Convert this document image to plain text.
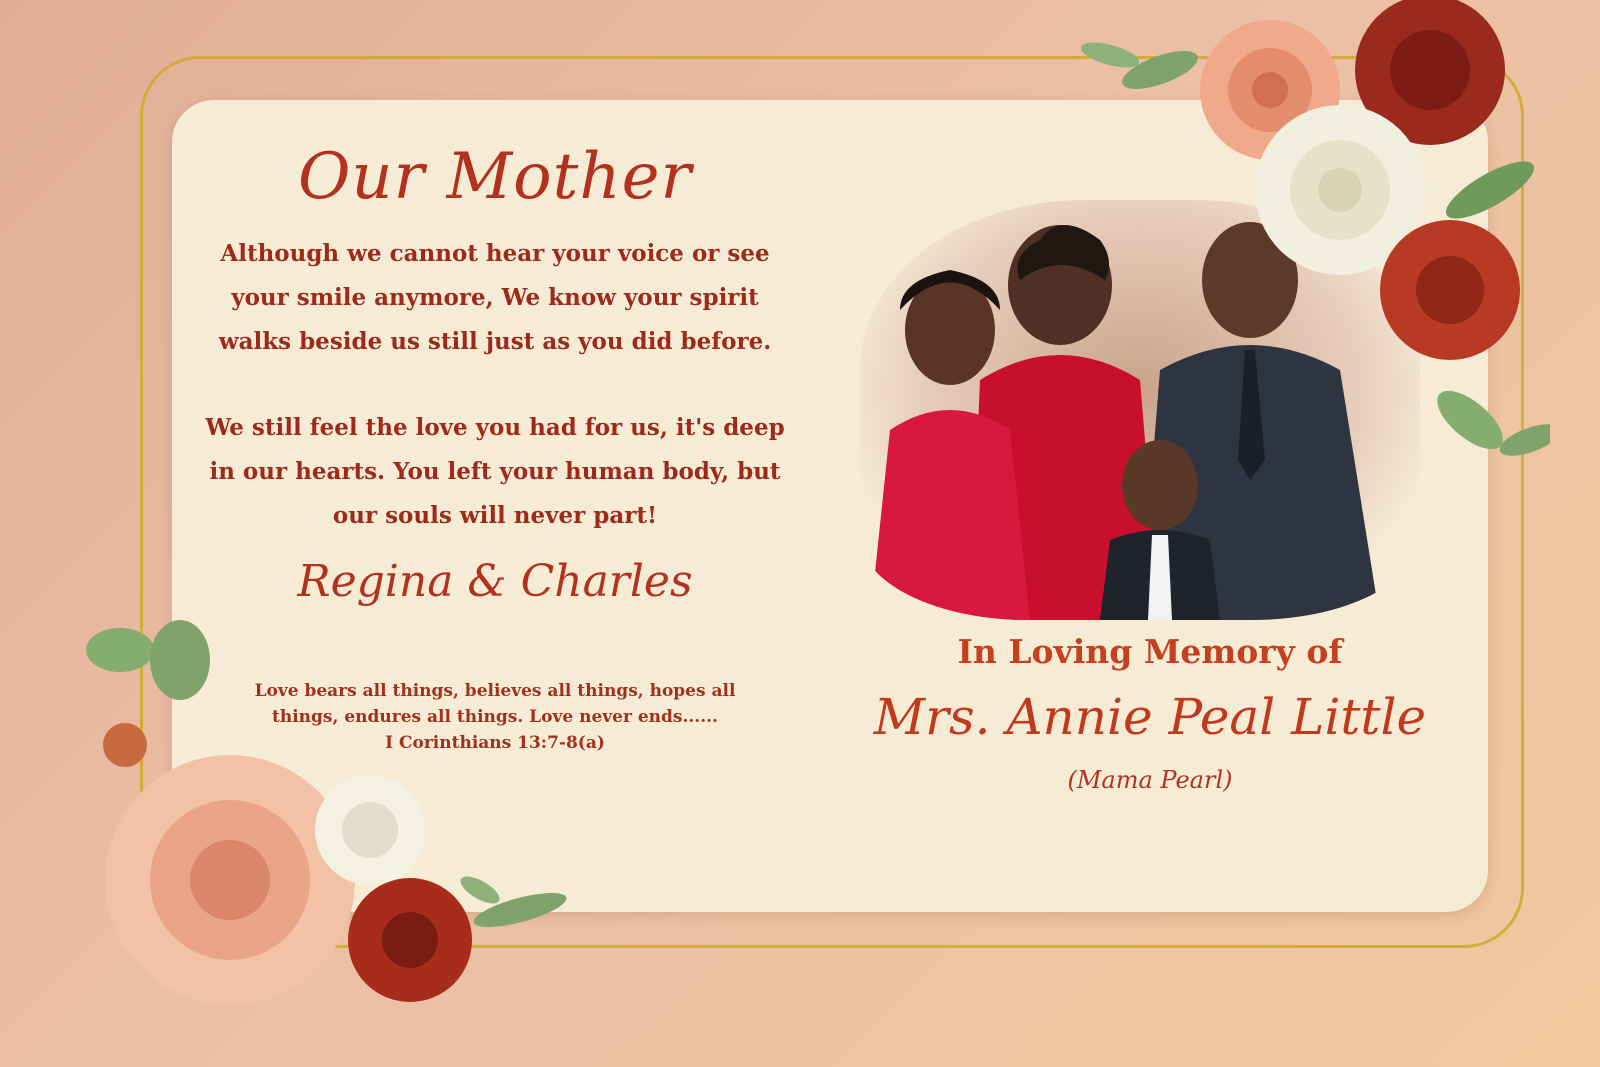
Our Mother

Although we cannot hear your voice or see your smile anymore, We know your spirit walks beside us still just as you did before.

We still feel the love you had for us, it's deep in our hearts. You left your human body, but our souls will never part!

Regina & Charles
Love bears all things, believes all things, hopes all
things, endures all things. Love never ends......
I Corinthians 13:7-8(a)
In Loving Memory of
Mrs. Annie Peal Little
(Mama Pearl)
